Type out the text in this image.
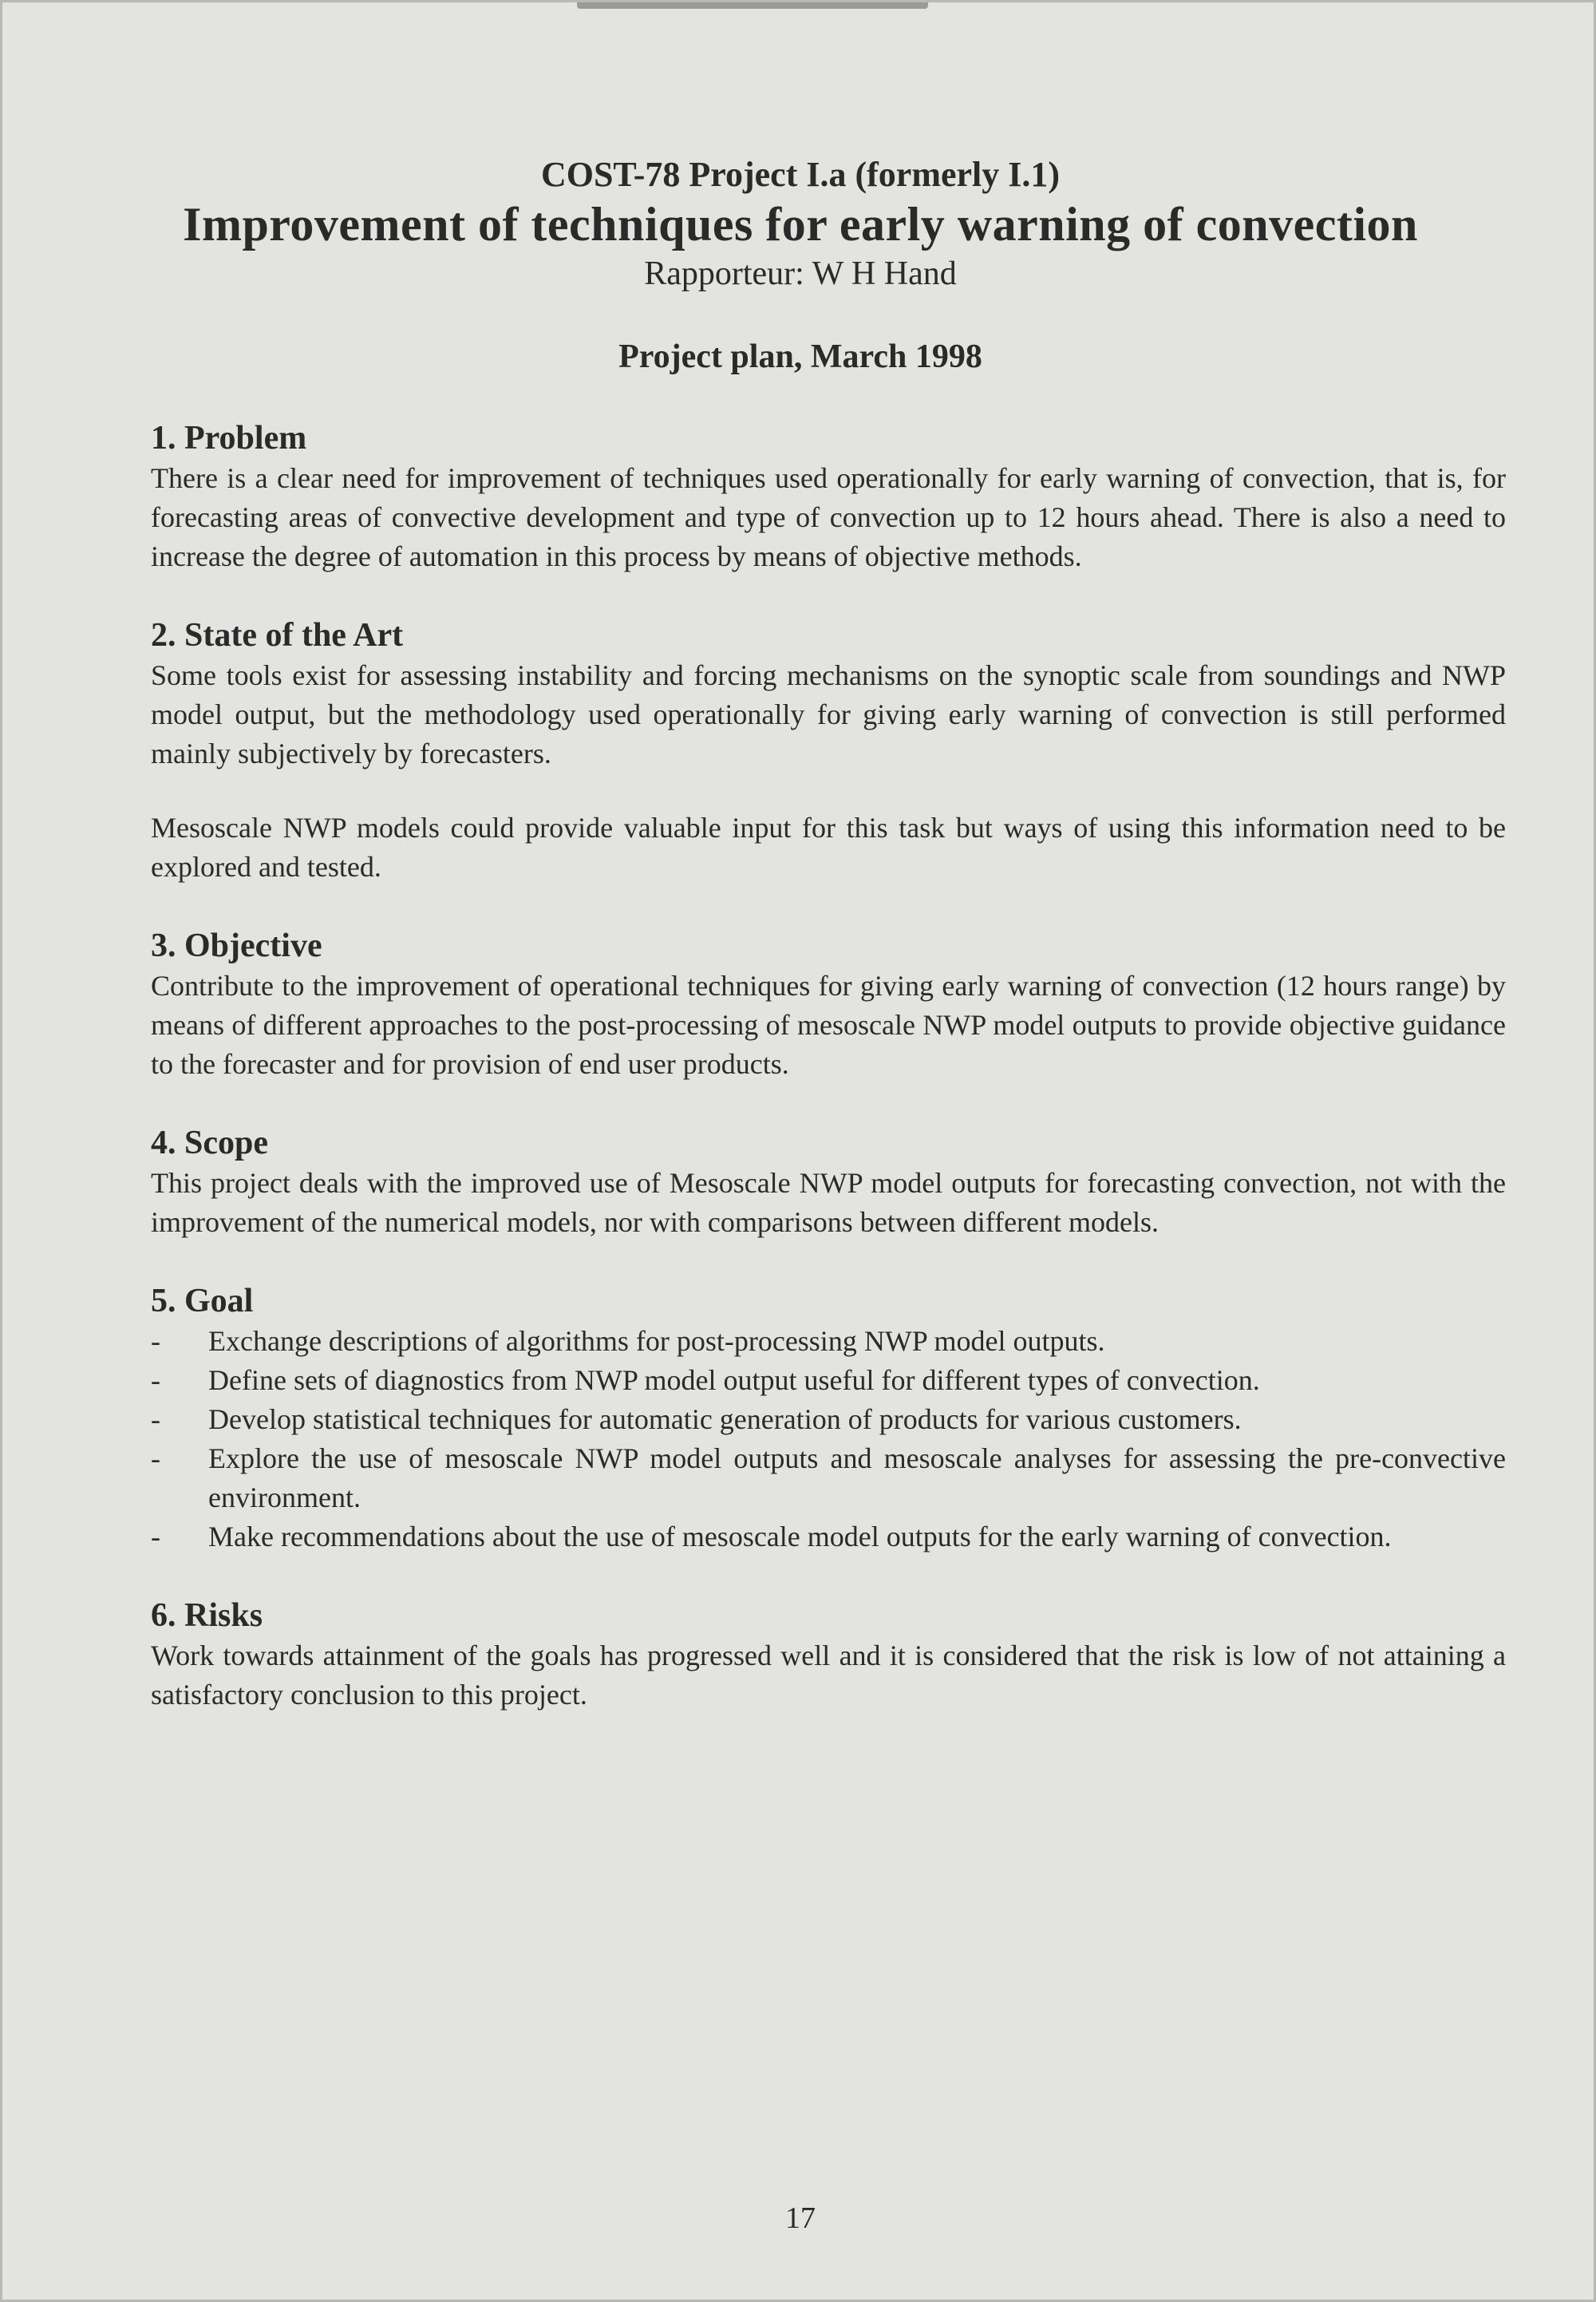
COST-78 Project I.a (formerly I.1)
Improvement of techniques for early warning of convection
Rapporteur: W H Hand
Project plan, March 1998

1. Problem

There is a clear need for improvement of techniques used operationally for early warning of convection, that is, for forecasting areas of convective development and type of convection up to 12 hours ahead. There is also a need to increase the degree of automation in this process by means of objective methods.

2. State of the Art

Some tools exist for assessing instability and forcing mechanisms on the synoptic scale from soundings and NWP model output, but the methodology used operationally for giving early warning of convection is still performed mainly subjectively by forecasters.

Mesoscale NWP models could provide valuable input for this task but ways of using this information need to be explored and tested.

3. Objective

Contribute to the improvement of operational techniques for giving early warning of convection (12 hours range) by means of different approaches to the post-processing of mesoscale NWP model outputs to provide objective guidance to the forecaster and for provision of end user products.

4. Scope

This project deals with the improved use of Mesoscale NWP model outputs for forecasting convection, not with the improvement of the numerical models, nor with comparisons between different models.

5. Goal

- Exchange descriptions of algorithms for post-processing NWP model outputs.
- Define sets of diagnostics from NWP model output useful for different types of convection.
- Develop statistical techniques for automatic generation of products for various customers.
- Explore the use of mesoscale NWP model outputs and mesoscale analyses for assessing the pre-convective environment.
- Make recommendations about the use of mesoscale model outputs for the early warning of convection.

6. Risks

Work towards attainment of the goals has progressed well and it is considered that the risk is low of not attaining a satisfactory conclusion to this project.

17
